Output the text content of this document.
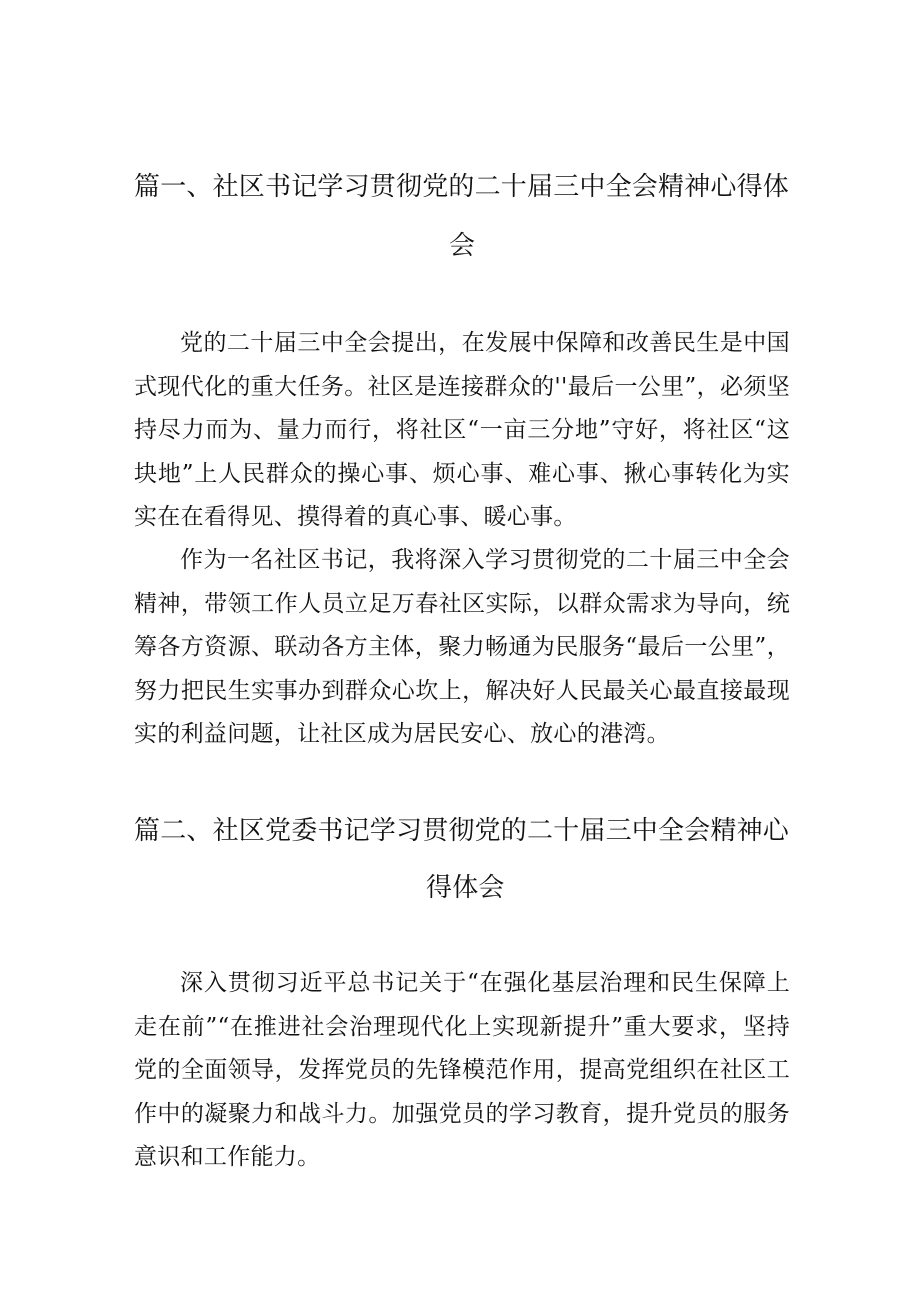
篇一、社区书记学习贯彻党的二十届三中全会精神心得体
会

党的二十届三中全会提出，在发展中保障和改善民生是中国式现代化的重大任务。社区是连接群众的''最后一公里”，必须坚持尽力而为、量力而行，将社区“一亩三分地”守好，将社区“这块地”上人民群众的操心事、烦心事、难心事、揪心事转化为实实在在看得见、摸得着的真心事、暖心事。

作为一名社区书记，我将深入学习贯彻党的二十届三中全会精神，带领工作人员立足万春社区实际，以群众需求为导向，统筹各方资源、联动各方主体，聚力畅通为民服务“最后一公里”，努力把民生实事办到群众心坎上，解决好人民最关心最直接最现实的利益问题，让社区成为居民安心、放心的港湾。

篇二、社区党委书记学习贯彻党的二十届三中全会精神心
得体会

深入贯彻习近平总书记关于“在强化基层治理和民生保障上走在前”“在推进社会治理现代化上实现新提升”重大要求，坚持党的全面领导，发挥党员的先锋模范作用，提高党组织在社区工作中的凝聚力和战斗力。加强党员的学习教育，提升党员的服务意识和工作能力。
